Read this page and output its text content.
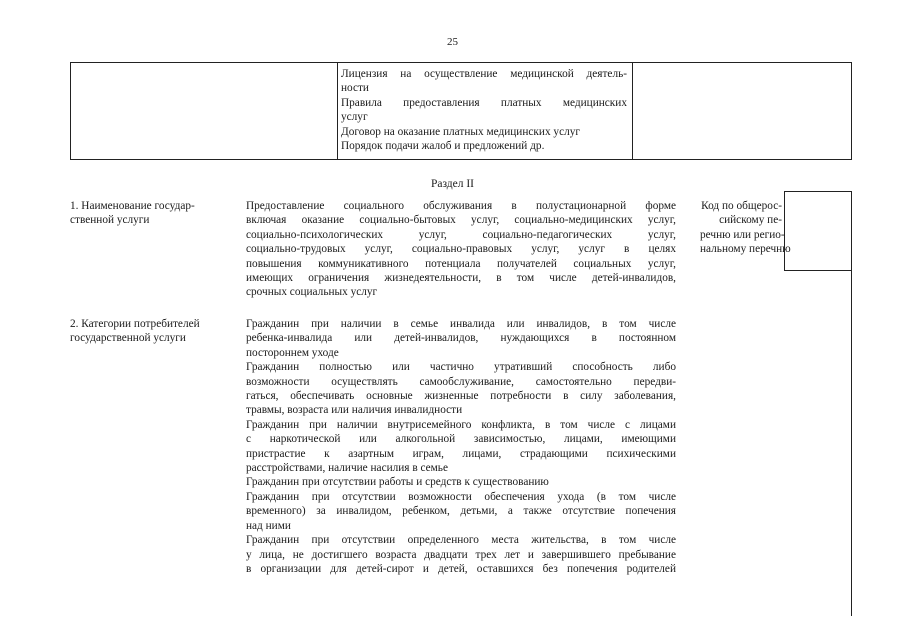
25
Лицензия на осуществление медицинской деятель-
ности
Правила предоставления платных медицинских
услуг
Договор на оказание платных медицинских услуг
Порядок подачи жалоб и предложений др.
Раздел II
1. Наименование государ-
ственной услуги
Предоставление социального обслуживания в полустационарной форме
включая оказание социально-бытовых услуг, социально-медицинских услуг,
социально-психологических услуг, социально-педагогических услуг,
социально-трудовых услуг, социально-правовых услуг, услуг в целях
повышения коммуникативного потенциала получателей социальных услуг,
имеющих ограничения жизнедеятельности, в том числе детей-инвалидов,
срочных социальных услуг
Код по общерос-
сийскому пе-
речню или регио-
нальному перечню
2. Категории потребителей
государственной услуги
Гражданин при наличии в семье инвалида или инвалидов, в том числе
ребенка-инвалида или детей-инвалидов, нуждающихся в постоянном
постороннем уходе
Гражданин полностью или частично утративший способность либо
возможности осуществлять самообслуживание, самостоятельно передви-
гаться, обеспечивать основные жизненные потребности в силу заболевания,
травмы, возраста или наличия инвалидности
Гражданин при наличии внутрисемейного конфликта, в том числе с лицами
с наркотической или алкогольной зависимостью, лицами, имеющими
пристрастие к азартным играм, лицами, страдающими психическими
расстройствами, наличие насилия в семье
Гражданин при отсутствии работы и средств к существованию
Гражданин при отсутствии возможности обеспечения ухода (в том числе
временного) за инвалидом, ребенком, детьми, а также отсутствие попечения
над ними
Гражданин при отсутствии определенного места жительства, в том числе
у лица, не достигшего возраста двадцати трех лет и завершившего пребывание
в организации для детей-сирот и детей, оставшихся без попечения родителей
